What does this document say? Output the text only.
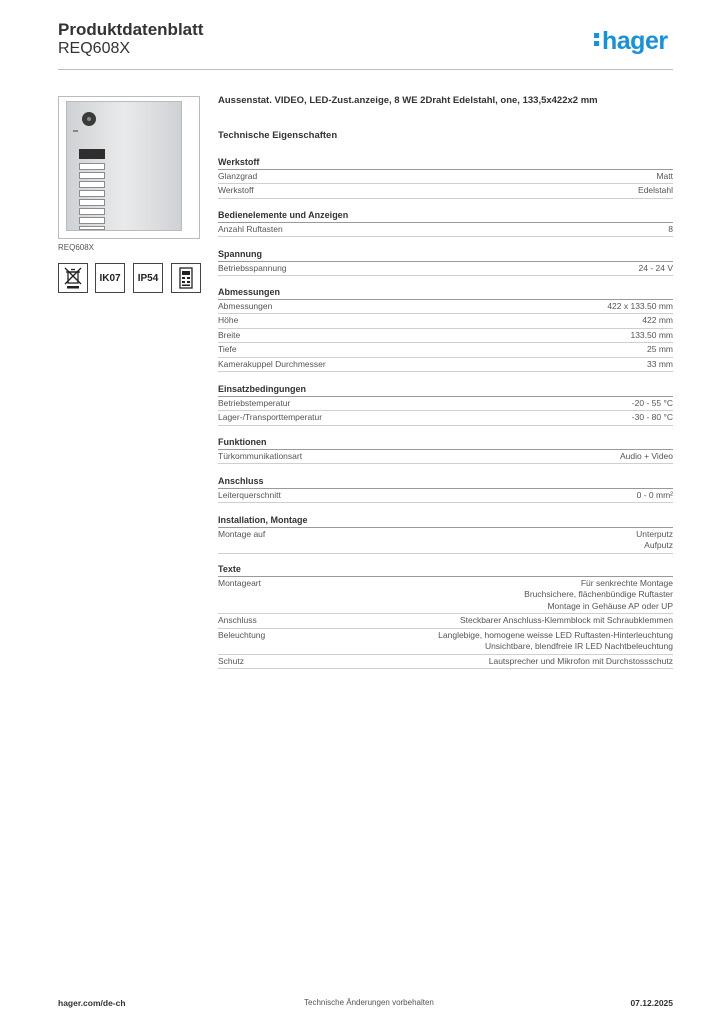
Produktdatenblatt
REQ608X	hager
REQ608X
IK07 IP54
Aussenstat. VIDEO, LED-Zust.anzeige, 8 WE 2Draht Edelstahl, one, 133,5x422x2 mm
Technische Eigenschaften
Werkstoff
Glanzgrad	Matt
Werkstoff	Edelstahl
Bedienelemente und Anzeigen
Anzahl Ruftasten	8
Spannung
Betriebsspannung	24 - 24 V
Abmessungen
Abmessungen	422 x 133.50 mm
Höhe	422 mm
Breite	133.50 mm
Tiefe	25 mm
Kamerakuppel Durchmesser	33 mm
Einsatzbedingungen
Betriebstemperatur	-20 - 55 °C
Lager-/Transporttemperatur	-30 - 80 °C
Funktionen
Türkommunikationsart	Audio + Video
Anschluss
Leiterquerschnitt	0 - 0 mm²
Installation, Montage
Montage auf	Unterputz
Aufputz
Texte
Montageart	Für senkrechte Montage
Bruchsichere, flächenbündige Ruftaster
Montage in Gehäuse AP oder UP
Anschluss	Steckbarer Anschluss-Klemmblock mit Schraubklemmen
Beleuchtung	Langlebige, homogene weisse LED Ruftasten-Hinterleuchtung
Unsichtbare, blendfreie IR LED Nachtbeleuchtung
Schutz	Lautsprecher und Mikrofon mit Durchstossschutz
hager.com/de-ch	Technische Änderungen vorbehalten	07.12.2025
